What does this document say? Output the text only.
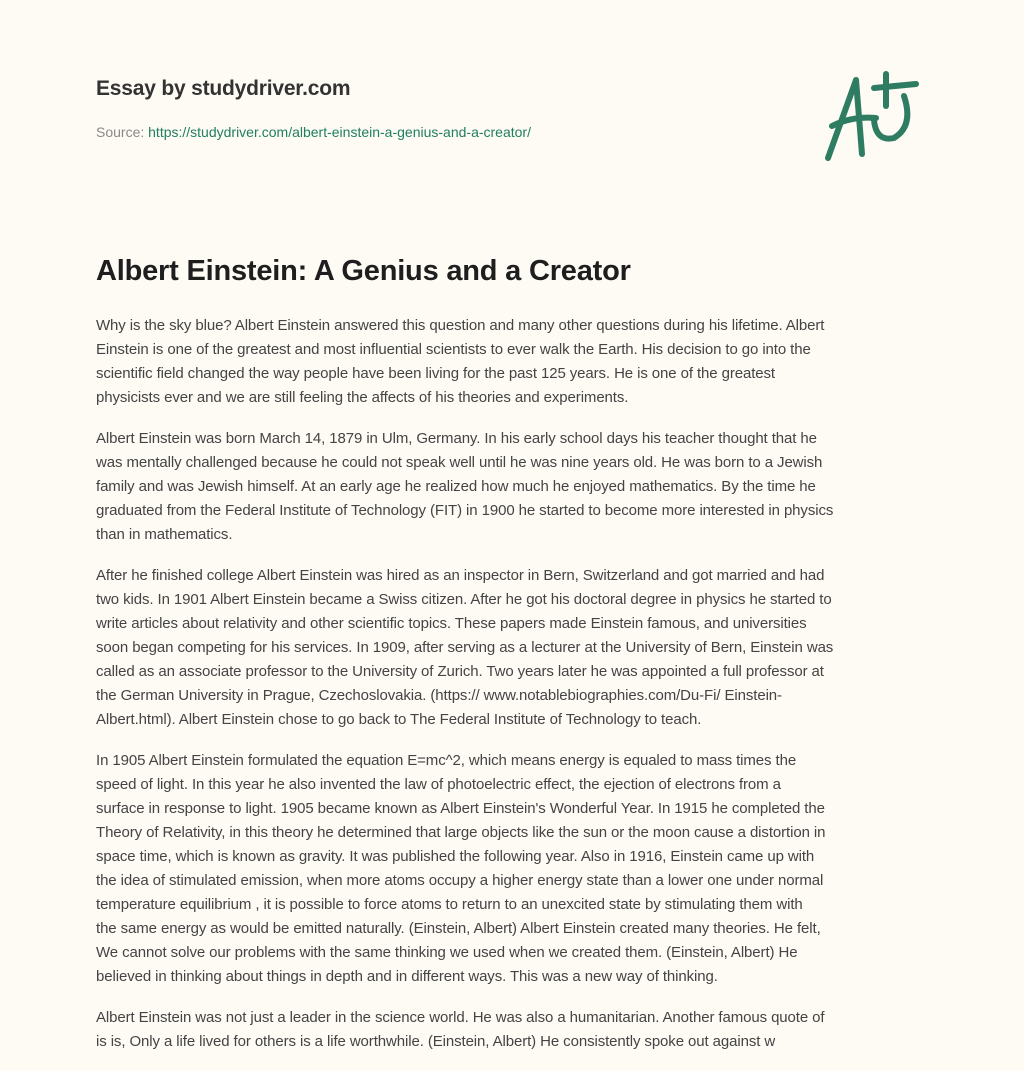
Essay by studydriver.com
Source: https://studydriver.com/albert-einstein-a-genius-and-a-creator/
Albert Einstein: A Genius and a Creator

Why is the sky blue? Albert Einstein answered this question and many other questions during his lifetime. Albert
Einstein is one of the greatest and most influential scientists to ever walk the Earth. His decision to go into the
scientific field changed the way people have been living for the past 125 years. He is one of the greatest
physicists ever and we are still feeling the affects of his theories and experiments.

Albert Einstein was born March 14, 1879 in Ulm, Germany. In his early school days his teacher thought that he
was mentally challenged because he could not speak well until he was nine years old. He was born to a Jewish
family and was Jewish himself. At an early age he realized how much he enjoyed mathematics. By the time he
graduated from the Federal Institute of Technology (FIT) in 1900 he started to become more interested in physics
than in mathematics.

After he finished college Albert Einstein was hired as an inspector in Bern, Switzerland and got married and had
two kids. In 1901 Albert Einstein became a Swiss citizen. After he got his doctoral degree in physics he started to
write articles about relativity and other scientific topics. These papers made Einstein famous, and universities
soon began competing for his services. In 1909, after serving as a lecturer at the University of Bern, Einstein was
called as an associate professor to the University of Zurich. Two years later he was appointed a full professor at
the German University in Prague, Czechoslovakia. (https:// www.notablebiographies.com/Du-Fi/ Einstein-
Albert.html). Albert Einstein chose to go back to The Federal Institute of Technology to teach.

In 1905 Albert Einstein formulated the equation E=mc^2, which means energy is equaled to mass times the
speed of light. In this year he also invented the law of photoelectric effect, the ejection of electrons from a
surface in response to light. 1905 became known as Albert Einstein's Wonderful Year. In 1915 he completed the
Theory of Relativity, in this theory he determined that large objects like the sun or the moon cause a distortion in
space time, which is known as gravity. It was published the following year. Also in 1916, Einstein came up with
the idea of stimulated emission, when more atoms occupy a higher energy state than a lower one under normal
temperature equilibrium , it is possible to force atoms to return to an unexcited state by stimulating them with
the same energy as would be emitted naturally. (Einstein, Albert) Albert Einstein created many theories. He felt,
We cannot solve our problems with the same thinking we used when we created them. (Einstein, Albert) He
believed in thinking about things in depth and in different ways. This was a new way of thinking.

Albert Einstein was not just a leader in the science world. He was also a humanitarian. Another famous quote of
is is, Only a life lived for others is a life worthwhile. (Einstein, Albert) He consistently spoke out against w
